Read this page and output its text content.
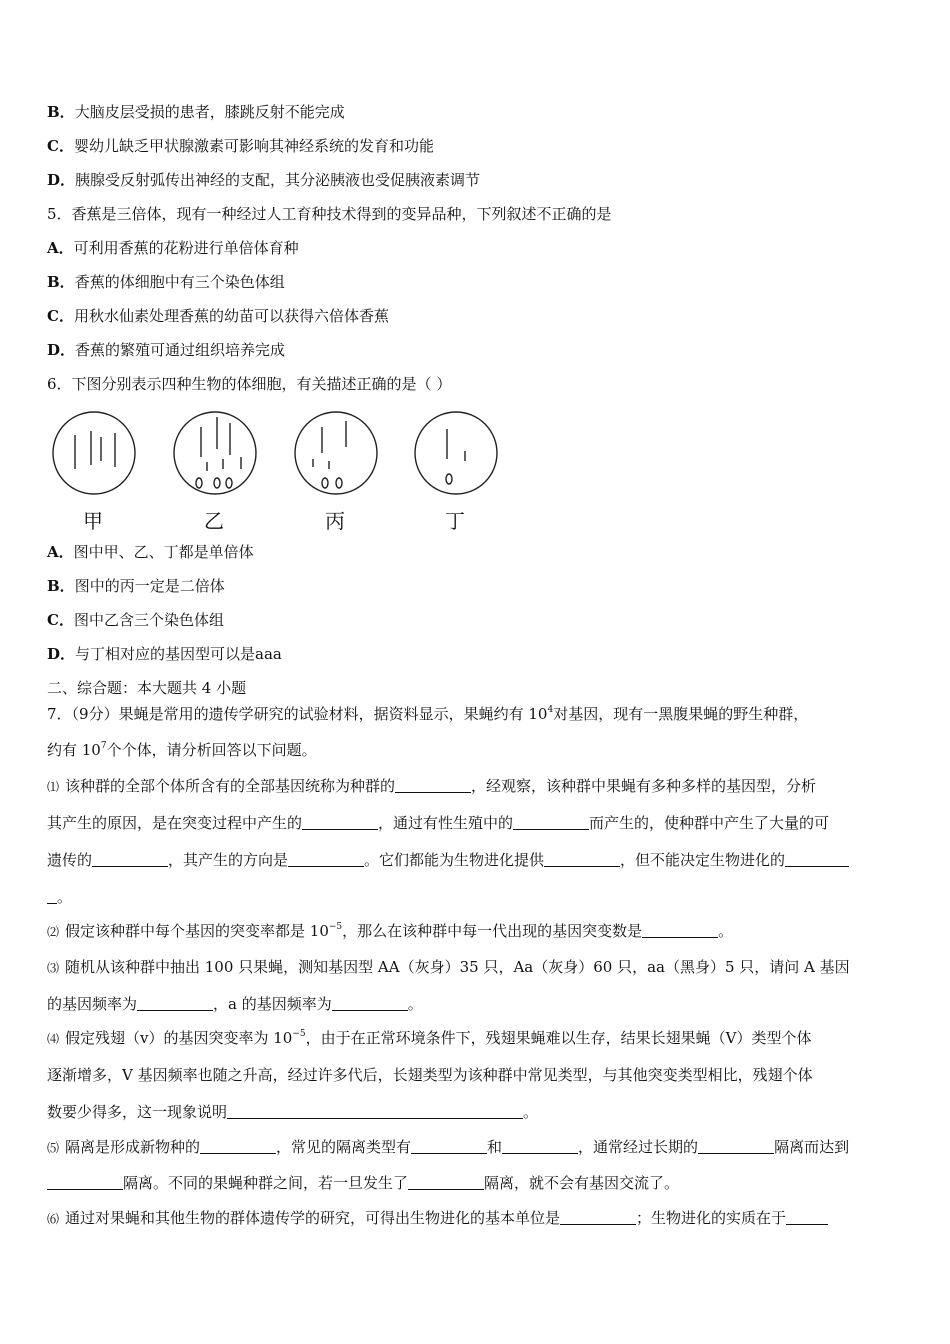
B．大脑皮层受损的患者，膝跳反射不能完成
C．婴幼儿缺乏甲状腺激素可影响其神经系统的发育和功能
D．胰腺受反射弧传出神经的支配，其分泌胰液也受促胰液素调节
5．香蕉是三倍体，现有一种经过人工育种技术得到的变异品种，下列叙述不正确的是
A．可利用香蕉的花粉进行单倍体育种
B．香蕉的体细胞中有三个染色体组
C．用秋水仙素处理香蕉的幼苗可以获得六倍体香蕉
D．香蕉的繁殖可通过组织培养完成
6．下图分别表示四种生物的体细胞，有关描述正确的是（ ）
甲	乙	丙	丁
A．图中甲、乙、丁都是单倍体
B．图中的丙一定是二倍体
C．图中乙含三个染色体组
D．与丁相对应的基因型可以是aaa
二、综合题：本大题共 4 小题
7．（9分）果蝇是常用的遗传学研究的试验材料，据资料显示，果蝇约有 $10^4$对基因，现有一黑腹果蝇的野生种群，
约有 $10^7$个个体，请分析回答以下问题。
⑴ 该种群的全部个体所含有的全部基因统称为种群的	，经观察，该种群中果蝇有多种多样的基因型，分析
其产生的原因，是在突变过程中产生的	，通过有性生殖中的	而产生的，使种群中产生了大量的可
遗传的	，其产生的方向是	。它们都能为生物进化提供	，但不能决定生物进化的
。
⑵ 假定该种群中每个基因的突变率都是 $10^{-5}$，那么在该种群中每一代出现的基因突变数是	。
⑶ 随机从该种群中抽出 100 只果蝇，测知基因型 AA（灰身）35 只，Aa（灰身）60 只，aa（黑身）5 只，请问 A 基因
的基因频率为	，a 的基因频率为	。
⑷ 假定残翅（v）的基因突变率为 $10^{-5}$，由于在正常环境条件下，残翅果蝇难以生存，结果长翅果蝇（V）类型个体
逐渐增多，V 基因频率也随之升高，经过许多代后，长翅类型为该种群中常见类型，与其他突变类型相比，残翅个体
数要少得多，这一现象说明	。
⑸ 隔离是形成新物种的	，常见的隔离类型有	和	，通常经过长期的	隔离而达到
隔离。不同的果蝇种群之间，若一旦发生了	隔离，就不会有基因交流了。
⑹ 通过对果蝇和其他生物的群体遗传学的研究，可得出生物进化的基本单位是	；生物进化的实质在于
